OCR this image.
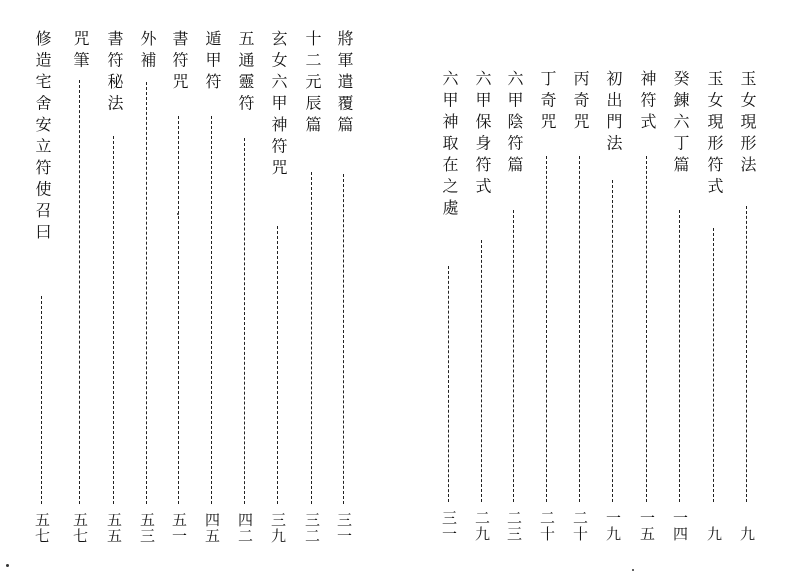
修造宅舍安立符使召曰
五七
咒筆
五七
書符秘法
五五
外補
五三
書符咒
五一
遁甲符
四五
五通靈符
四二
玄女六甲神符咒
三九
十二元辰篇
三二
將軍遣覆篇
三一
六甲神取在之處
三一
六甲保身符式
二九
六甲陰符篇
二三
丁奇咒
二十
丙奇咒
二十
初出門法
一九
神符式
一五
癸錬六丁篇
一四
玉女現形符式
九
玉女現形法
九
